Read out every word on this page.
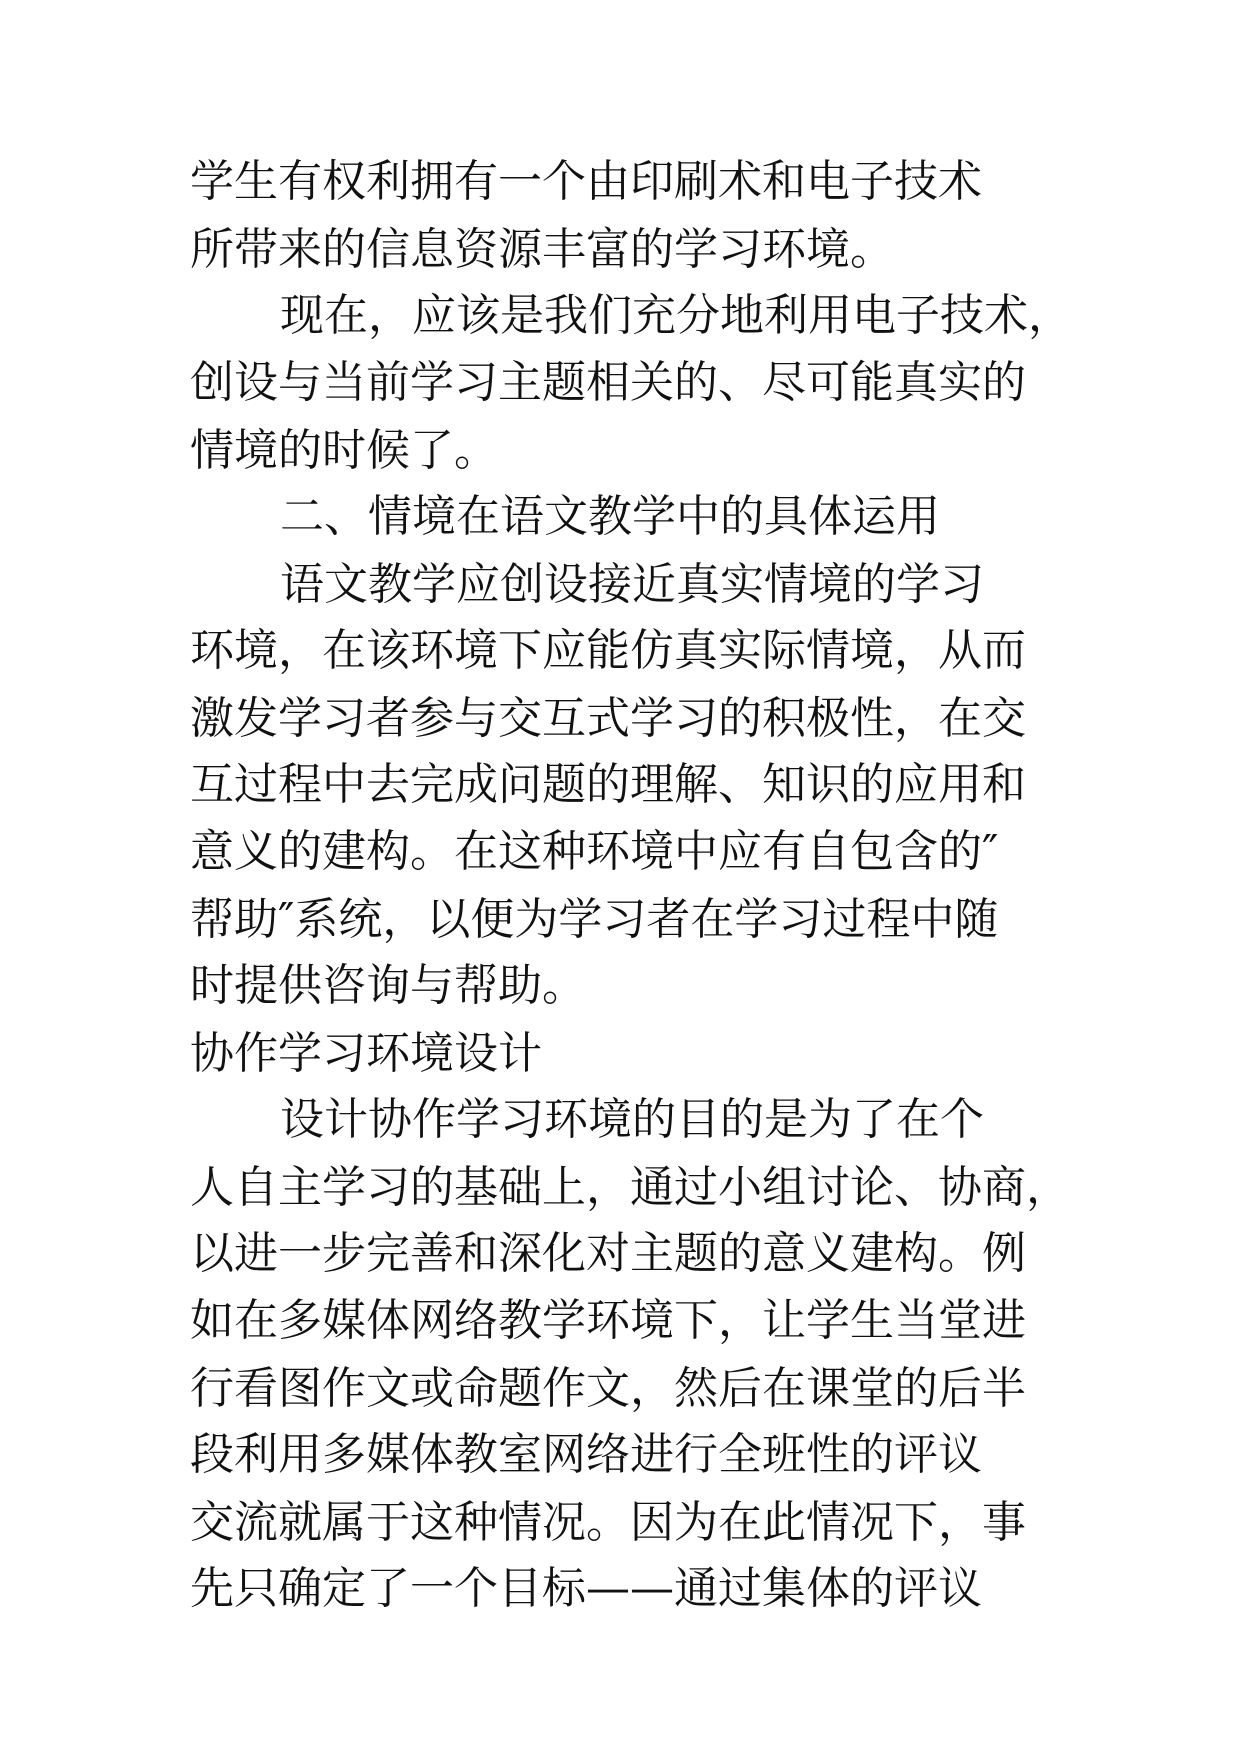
学生有权利拥有一个由印刷术和电子技术
所带来的信息资源丰富的学习环境。
现在，应该是我们充分地利用电子技术，
创设与当前学习主题相关的、尽可能真实的
情境的时候了。
二、情境在语文教学中的具体运用
语文教学应创设接近真实情境的学习
环境，在该环境下应能仿真实际情境，从而
激发学习者参与交互式学习的积极性，在交
互过程中去完成问题的理解、知识的应用和
意义的建构。在这种环境中应有自包含的″
帮助″系统，以便为学习者在学习过程中随
时提供咨询与帮助。
协作学习环境设计
设计协作学习环境的目的是为了在个
人自主学习的基础上，通过小组讨论、协商，
以进一步完善和深化对主题的意义建构。例
如在多媒体网络教学环境下，让学生当堂进
行看图作文或命题作文，然后在课堂的后半
段利用多媒体教室网络进行全班性的评议
交流就属于这种情况。因为在此情况下，事
先只确定了一个目标——通过集体的评议
